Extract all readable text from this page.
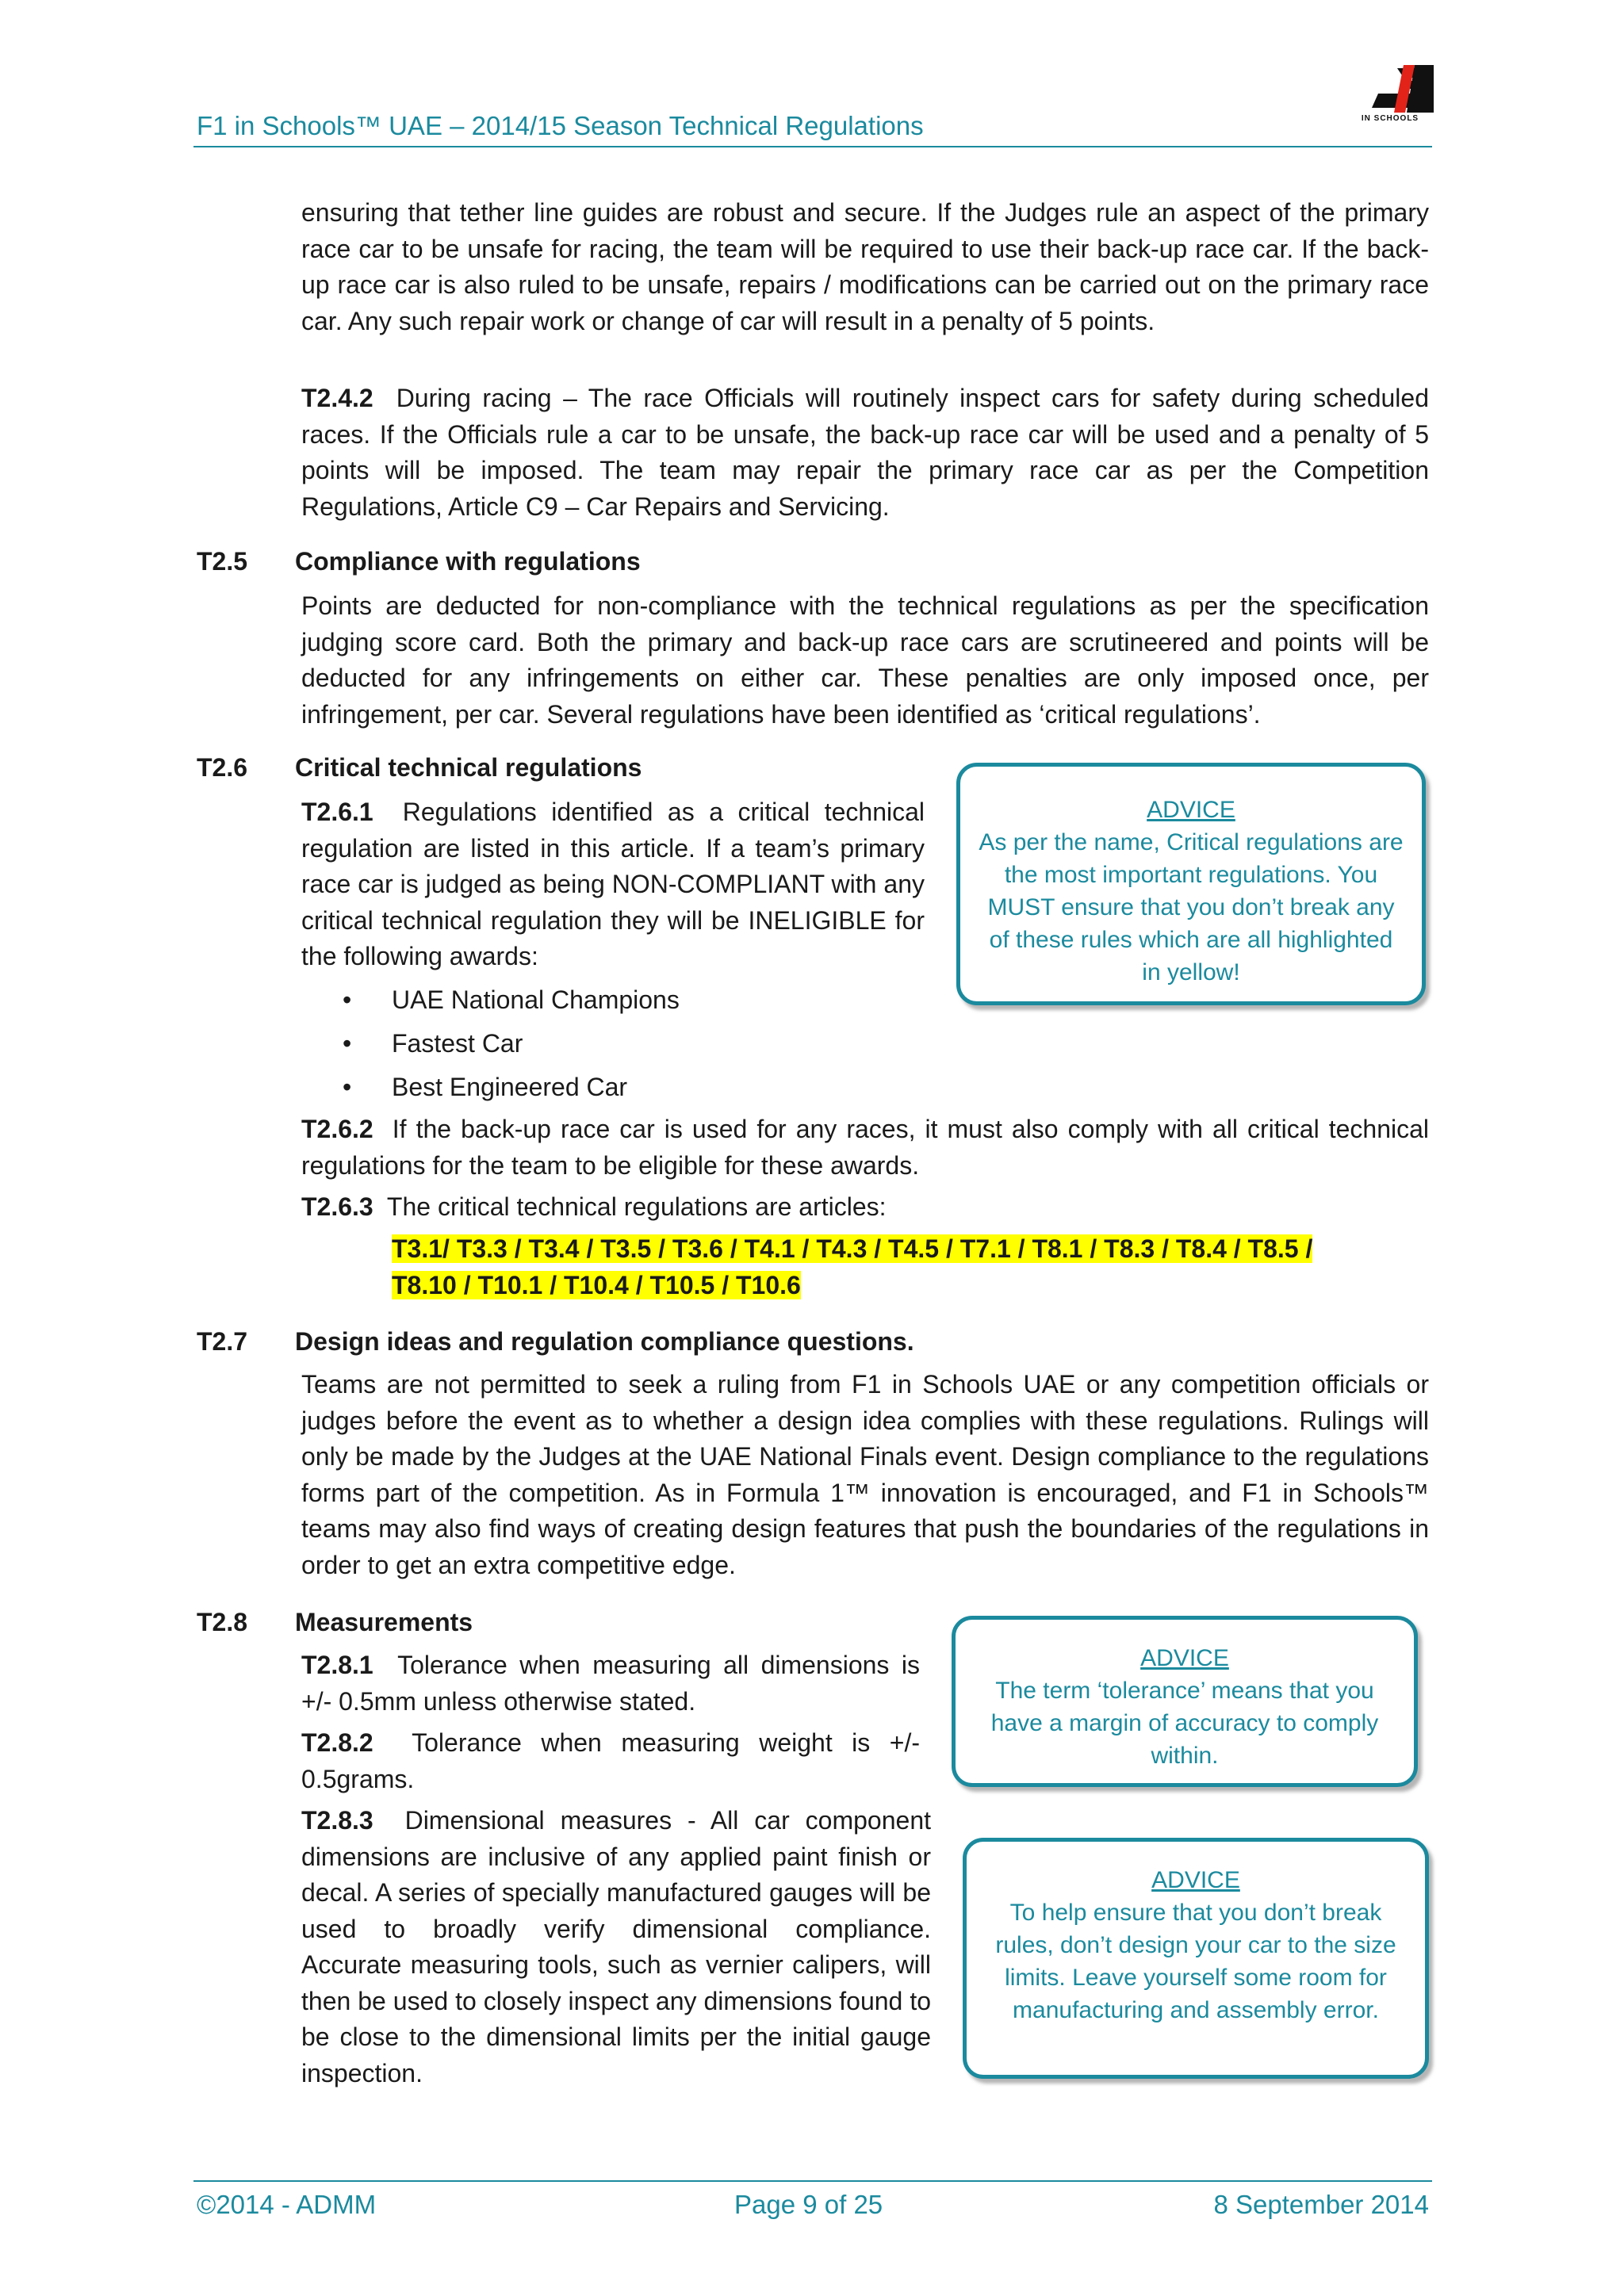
F1 in Schools™ UAE – 2014/15 Season Technical Regulations	IN SCHOOLS

ensuring that tether line guides are robust and secure. If the Judges rule an aspect of the primary race car to be unsafe for racing, the team will be required to use their back-up race car. If the back-up race car is also ruled to be unsafe, repairs / modifications can be carried out on the primary race car. Any such repair work or change of car will result in a penalty of 5 points.

T2.4.2 During racing – The race Officials will routinely inspect cars for safety during scheduled races. If the Officials rule a car to be unsafe, the back-up race car will be used and a penalty of 5 points will be imposed. The team may repair the primary race car as per the Competition Regulations, Article C9 – Car Repairs and Servicing.

T2.5 Compliance with regulations

Points are deducted for non-compliance with the technical regulations as per the specification judging score card. Both the primary and back-up race cars are scrutineered and points will be deducted for any infringements on either car. These penalties are only imposed once, per infringement, per car. Several regulations have been identified as ‘critical regulations’.

T2.6 Critical technical regulations

T2.6.1 Regulations identified as a critical technical regulation are listed in this article. If a team’s primary race car is judged as being NON-COMPLIANT with any critical technical regulation they will be INELIGIBLE for the following awards:

• UAE National Champions
• Fastest Car
• Best Engineered Car

T2.6.2 If the back-up race car is used for any races, it must also comply with all critical technical regulations for the team to be eligible for these awards.

T2.6.3 The critical technical regulations are articles:

T3.1/ T3.3 / T3.4 / T3.5 / T3.6 / T4.1 / T4.3 / T4.5 / T7.1 / T8.1 / T8.3 / T8.4 / T8.5 /
T8.10 / T10.1 / T10.4 / T10.5 / T10.6
T2.7 Design ideas and regulation compliance questions.

Teams are not permitted to seek a ruling from F1 in Schools UAE or any competition officials or judges before the event as to whether a design idea complies with these regulations. Rulings will only be made by the Judges at the UAE National Finals event. Design compliance to the regulations forms part of the competition. As in Formula 1™ innovation is encouraged, and F1 in Schools™ teams may also find ways of creating design features that push the boundaries of the regulations in order to get an extra competitive edge.

T2.8 Measurements

T2.8.1 Tolerance when measuring all dimensions is +/- 0.5mm unless otherwise stated.

T2.8.2 Tolerance when measuring weight is +/- 0.5grams.

T2.8.3 Dimensional measures - All car component dimensions are inclusive of any applied paint finish or decal. A series of specially manufactured gauges will be used to broadly verify dimensional compliance. Accurate measuring tools, such as vernier calipers, will then be used to closely inspect any dimensions found to be close to the dimensional limits per the initial gauge inspection.

ADVICE
As per the name, Critical regulations are the most important regulations. You MUST ensure that you don’t break any of these rules which are all highlighted in yellow!
ADVICE
The term ‘tolerance’ means that you have a margin of accuracy to comply within.
ADVICE
To help ensure that you don’t break rules, don’t design your car to the size limits. Leave yourself some room for manufacturing and assembly error.
©2014 - ADMM	Page 9 of 25	8 September 2014
